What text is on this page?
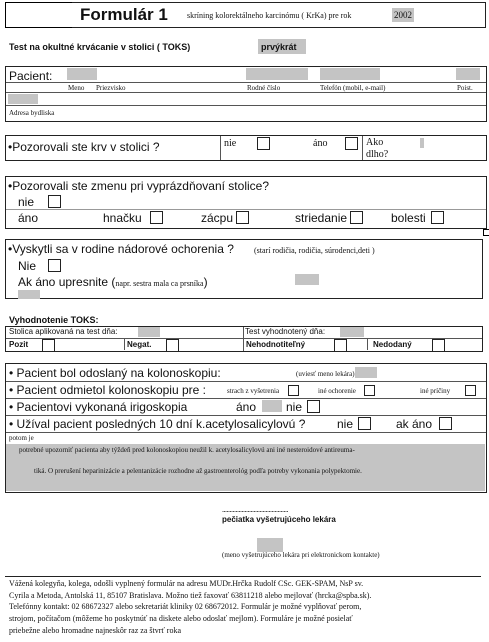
Formulár 1 skríning kolorektálneho karcinómu ( KrKa) pre rok	2002
Test na okultné krvácanie v stolici ( TOKS)	prvýkrát
Pacient:
Meno Priezvisko	Rodné číslo	Telefón (mobil, e-mail)	Poist.
Adresa bydliska
•Pozorovali ste krv v stolici ?	nie	áno	Ako dlho?
•Pozorovali ste zmenu pri vyprázdňovaní stolice?
nie
áno	hnačku	zácpu	striedanie	bolesti
•Vyskytli sa v rodine nádorové ochorenia ?	(starí rodičia, rodičia, súrodenci,deti )
Nie
Ak áno upresnite (napr. sestra mala ca prsníka)
Vyhodnotenie TOKS:
Stolica aplikovaná na test dňa:	Test vyhodnotený dňa:
Pozit	Negat.	Nehodnotiteľný	Nedodaný
• Pacient bol odoslaný na kolonoskopiu:	(uviesť meno lekára)
• Pacient odmietol kolonoskopiu pre :	strach z vyšetrenia	iné ochorenie	iné príčiny
• Pacientovi vykonaná irigoskopia	áno nie
• Užíval pacient posledných 10 dní k.acetylosalicylovú ?	nie	ak áno
potom je
potrebné upozorniť pacienta aby týždeň pred kolonoskopiou neužil k. acetylosalicylovú ani iné nesteroidové antireuma-
tiká. O prerušení heparinizácie a pelentanizácie rozhodne až gastroenterológ podľa potreby vykonania polypektomie.
............................................
pečiatka vyšetrujúceho lekára
(meno vyšetrujúceho lekára pri elektronickom kontakte)
Vážená kolegyňa, kolega, odošli vyplnený formulár na adresu MUDr.Hrčka Rudolf CSc. GEK-SPAM, NsP sv.
Cyrila a Metoda, Antolská 11, 85107 Bratislava. Možno tiež faxovať 63811218 alebo mejlovať (hrcka@spba.sk).
Telefónny kontakt: 02 68672327 alebo sekretariát kliniky 02 68672012. Formulár je možné vyplňovať perom,
strojom, počítačom (môžeme ho poskytnúť na diskete alebo odoslať mejlom). Formuláre je možné posielať
priebežne alebo hromadne najneskôr raz za štvrť roka
